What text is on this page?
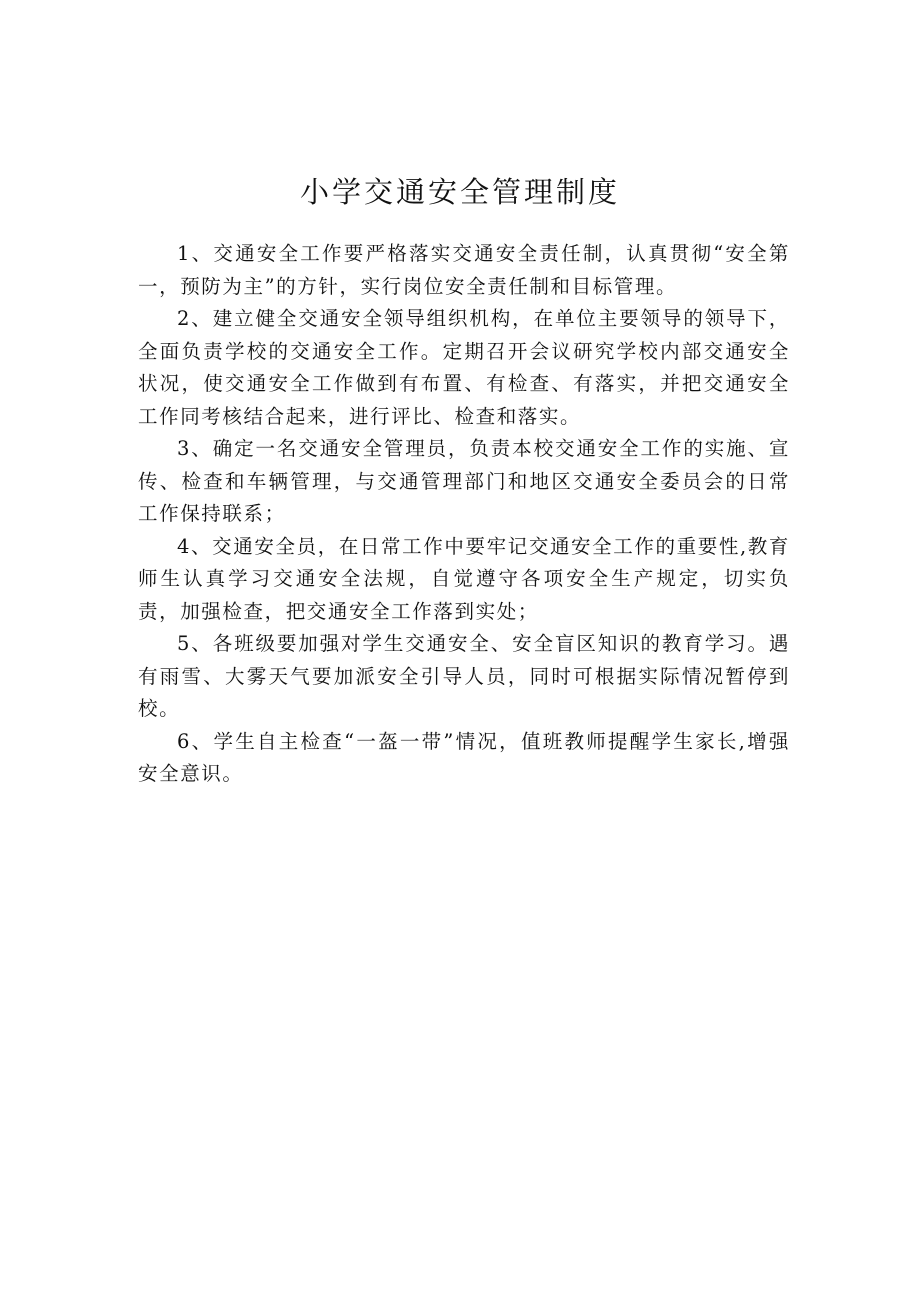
小学交通安全管理制度

1、交通安全工作要严格落实交通安全责任制，认真贯彻“安全第一，预防为主”的方针，实行岗位安全责任制和目标管理。

2、建立健全交通安全领导组织机构，在单位主要领导的领导下，全面负责学校的交通安全工作。定期召开会议研究学校内部交通安全状况，使交通安全工作做到有布置、有检查、有落实，并把交通安全工作同考核结合起来，进行评比、检查和落实。

3、确定一名交通安全管理员，负责本校交通安全工作的实施、宣传、检查和车辆管理，与交通管理部门和地区交通安全委员会的日常工作保持联系；

4、交通安全员，在日常工作中要牢记交通安全工作的重要性,教育师生认真学习交通安全法规，自觉遵守各项安全生产规定，切实负责，加强检查，把交通安全工作落到实处；

5、各班级要加强对学生交通安全、安全盲区知识的教育学习。遇有雨雪、大雾天气要加派安全引导人员，同时可根据实际情况暂停到校。

6、学生自主检查“一盔一带”情况，值班教师提醒学生家长,增强安全意识。
